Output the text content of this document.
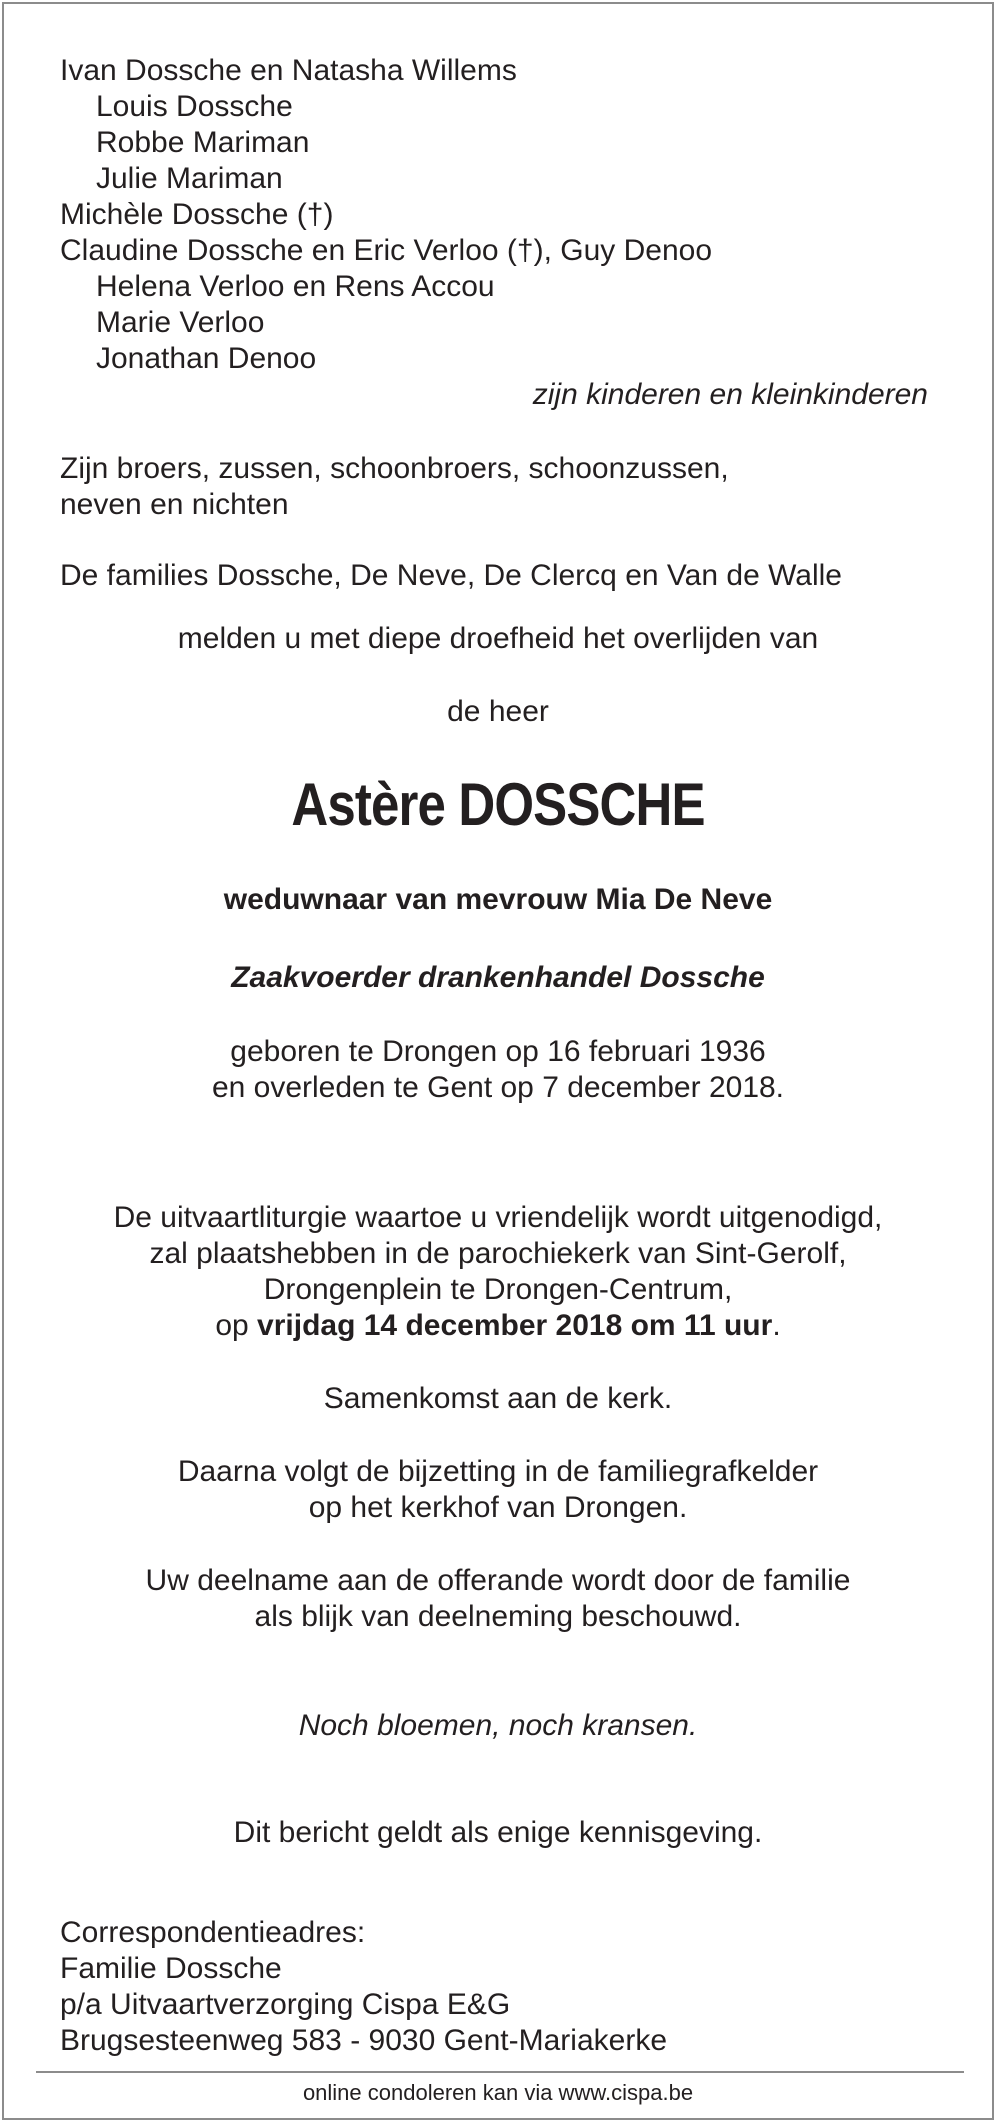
Ivan Dossche en Natasha Willems
Louis Dossche
Robbe Mariman
Julie Mariman
Michèle Dossche (†)
Claudine Dossche en Eric Verloo (†), Guy Denoo
Helena Verloo en Rens Accou
Marie Verloo
Jonathan Denoo
zijn kinderen en kleinkinderen
Zijn broers, zussen, schoonbroers, schoonzussen,
neven en nichten
De families Dossche, De Neve, De Clercq en Van de Walle
melden u met diepe droefheid het overlijden van
de heer
Astère DOSSCHE
weduwnaar van mevrouw Mia De Neve
Zaakvoerder drankenhandel Dossche
geboren te Drongen op 16 februari 1936
en overleden te Gent op 7 december 2018.
De uitvaartliturgie waartoe u vriendelijk wordt uitgenodigd,
zal plaatshebben in de parochiekerk van Sint-Gerolf,
Drongenplein te Drongen-Centrum,
op vrijdag 14 december 2018 om 11 uur.
Samenkomst aan de kerk.
Daarna volgt de bijzetting in de familiegrafkelder
op het kerkhof van Drongen.
Uw deelname aan de offerande wordt door de familie
als blijk van deelneming beschouwd.
Noch bloemen, noch kransen.
Dit bericht geldt als enige kennisgeving.
Correspondentieadres:
Familie Dossche
p/a Uitvaartverzorging Cispa E&G
Brugsesteenweg 583 - 9030 Gent-Mariakerke
online condoleren kan via www.cispa.be
